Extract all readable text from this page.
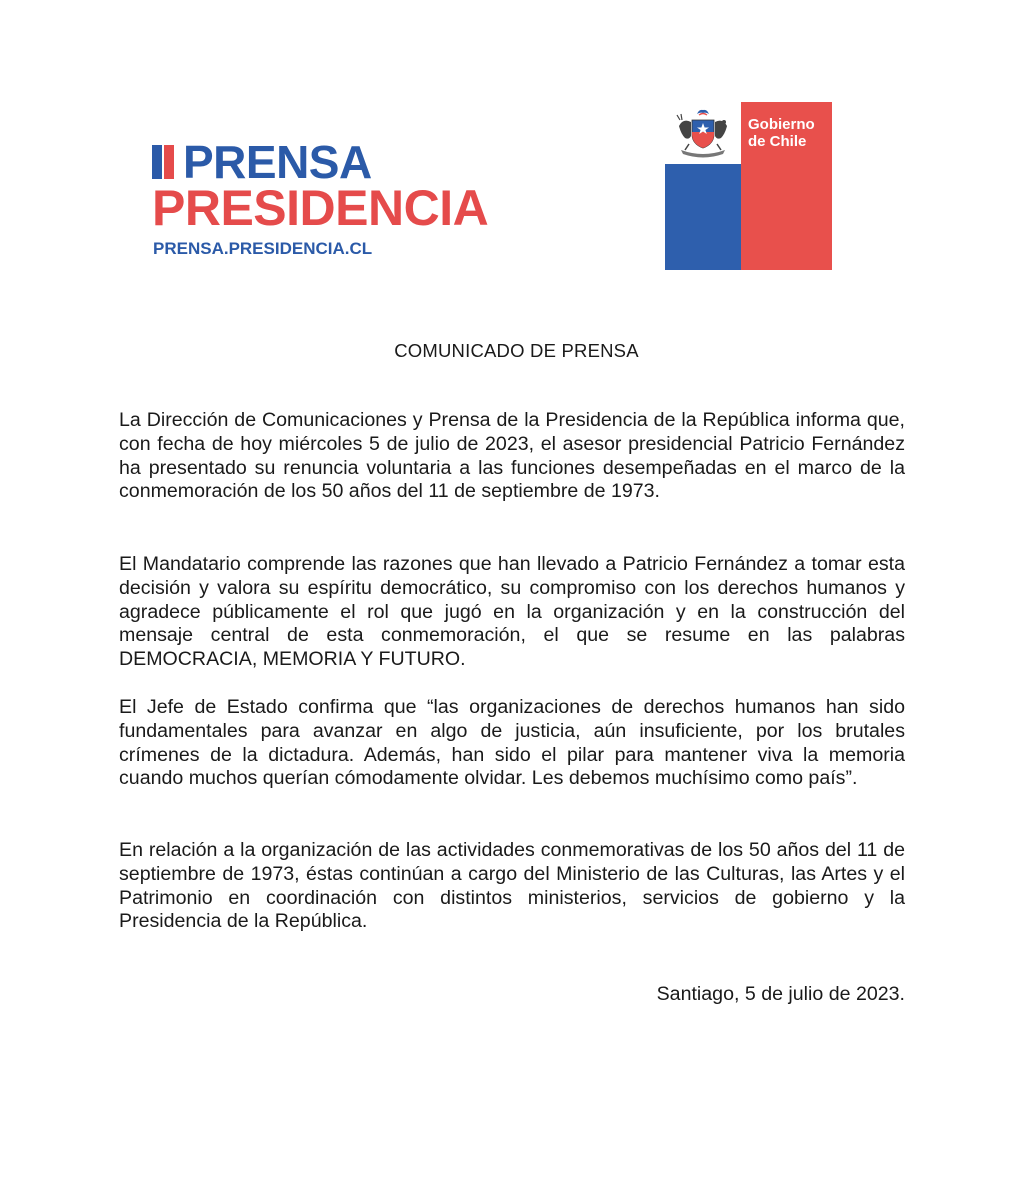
PRENSA
PRESIDENCIA
PRENSA.PRESIDENCIA.CL
Gobierno
de Chile
COMUNICADO DE PRENSA

La Dirección de Comunicaciones y Prensa de la Presidencia de la República informa que, con fecha de hoy miércoles 5 de julio de 2023, el asesor presidencial Patricio Fernández ha presentado su renuncia voluntaria a las funciones desempeñadas en el marco de la conmemoración de los 50 años del 11 de septiembre de 1973.

El Mandatario comprende las razones que han llevado a Patricio Fernández a tomar esta decisión y valora su espíritu democrático, su compromiso con los derechos humanos y agradece públicamente el rol que jugó en la organización y en la construcción del mensaje central de esta conmemoración, el que se resume en las palabras DEMOCRACIA, MEMORIA Y FUTURO.

El Jefe de Estado confirma que “las organizaciones de derechos humanos han sido fundamentales para avanzar en algo de justicia, aún insuficiente, por los brutales crímenes de la dictadura. Además, han sido el pilar para mantener viva la memoria cuando muchos querían cómodamente olvidar. Les debemos muchísimo como país”.

En relación a la organización de las actividades conmemorativas de los 50 años del 11 de septiembre de 1973, éstas continúan a cargo del Ministerio de las Culturas, las Artes y el Patrimonio en coordinación con distintos ministerios, servicios de gobierno y la Presidencia de la República.

Santiago, 5 de julio de 2023.
